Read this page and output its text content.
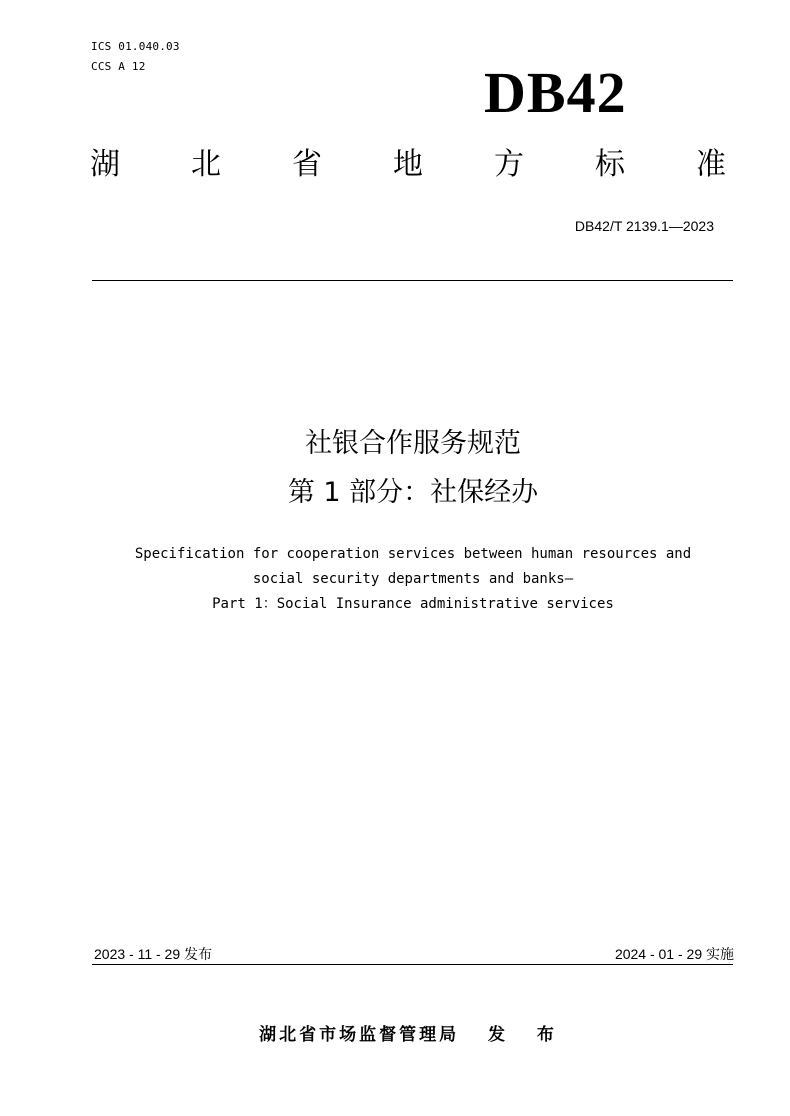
ICS 01.040.03
CCS A 12	DB42
湖 北 省 地 方 标 准
DB42/T 2139.1—2023
社银合作服务规范
第 1 部分：社保经办
Specification for cooperation services between human resources and
social security departments and banks—
Part 1：Social Insurance administrative services
2023 - 11 - 29 发布	2024 - 01 - 29 实施
湖北省市场监督管理局 发 布
